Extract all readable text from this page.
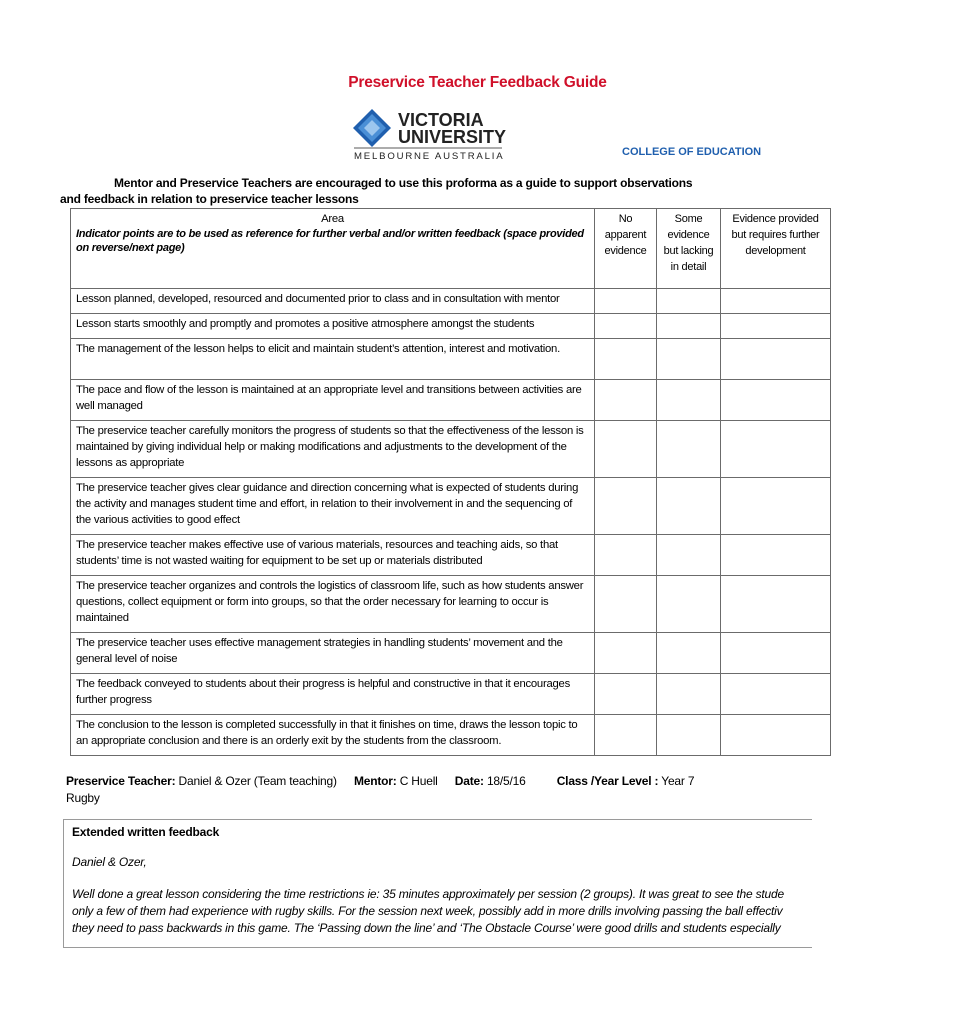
Preservice Teacher Feedback Guide
VICTORIA
UNIVERSITY
MELBOURNE AUSTRALIA	COLLEGE OF EDUCATION
Mentor and Preservice Teachers are encouraged to use this proforma as a guide to support observations
and feedback in relation to preservice teacher lessons
Area
Indicator points are to be used as reference for further verbal and/or written feedback (space provided on reverse/next page)	No apparent evidence	Some evidence but lacking in detail	Evidence provided but requires further development
Lesson planned, developed, resourced and documented prior to class and in consultation with mentor			
Lesson starts smoothly and promptly and promotes a positive atmosphere amongst the students			
The management of the lesson helps to elicit and maintain student’s attention, interest and motivation.			
The pace and flow of the lesson is maintained at an appropriate level and transitions between activities are well managed			
The preservice teacher carefully monitors the progress of students so that the effectiveness of the lesson is maintained by giving individual help or making modifications and adjustments to the development of the lessons as appropriate			
The preservice teacher gives clear guidance and direction concerning what is expected of students during the activity and manages student time and effort, in relation to their involvement in and the sequencing of the various activities to good effect			
The preservice teacher makes effective use of various materials, resources and teaching aids, so that students’ time is not wasted waiting for equipment to be set up or materials distributed			
The preservice teacher organizes and controls the logistics of classroom life, such as how students answer questions, collect equipment or form into groups, so that the order necessary for learning to occur is maintained			
The preservice teacher uses effective management strategies in handling students’ movement and the general level of noise			
The feedback conveyed to students about their progress is helpful and constructive in that it encourages further progress			
The conclusion to the lesson is completed successfully in that it finishes on time, draws the lesson topic to an appropriate conclusion and there is an orderly exit by the students from the classroom.			
Preservice Teacher: Daniel & Ozer (Team teaching) Mentor: C Huell Date: 18/5/16	Class /Year Level : Year 7
Rugby
Extended written feedback
Daniel & Ozer,
Well done a great lesson considering the time restrictions ie: 35 minutes approximately per session (2 groups). It was great to see the stude
only a few of them had experience with rugby skills. For the session next week, possibly add in more drills involving passing the ball effectiv
they need to pass backwards in this game. The ‘Passing down the line’ and ‘The Obstacle Course’ were good drills and students especially
